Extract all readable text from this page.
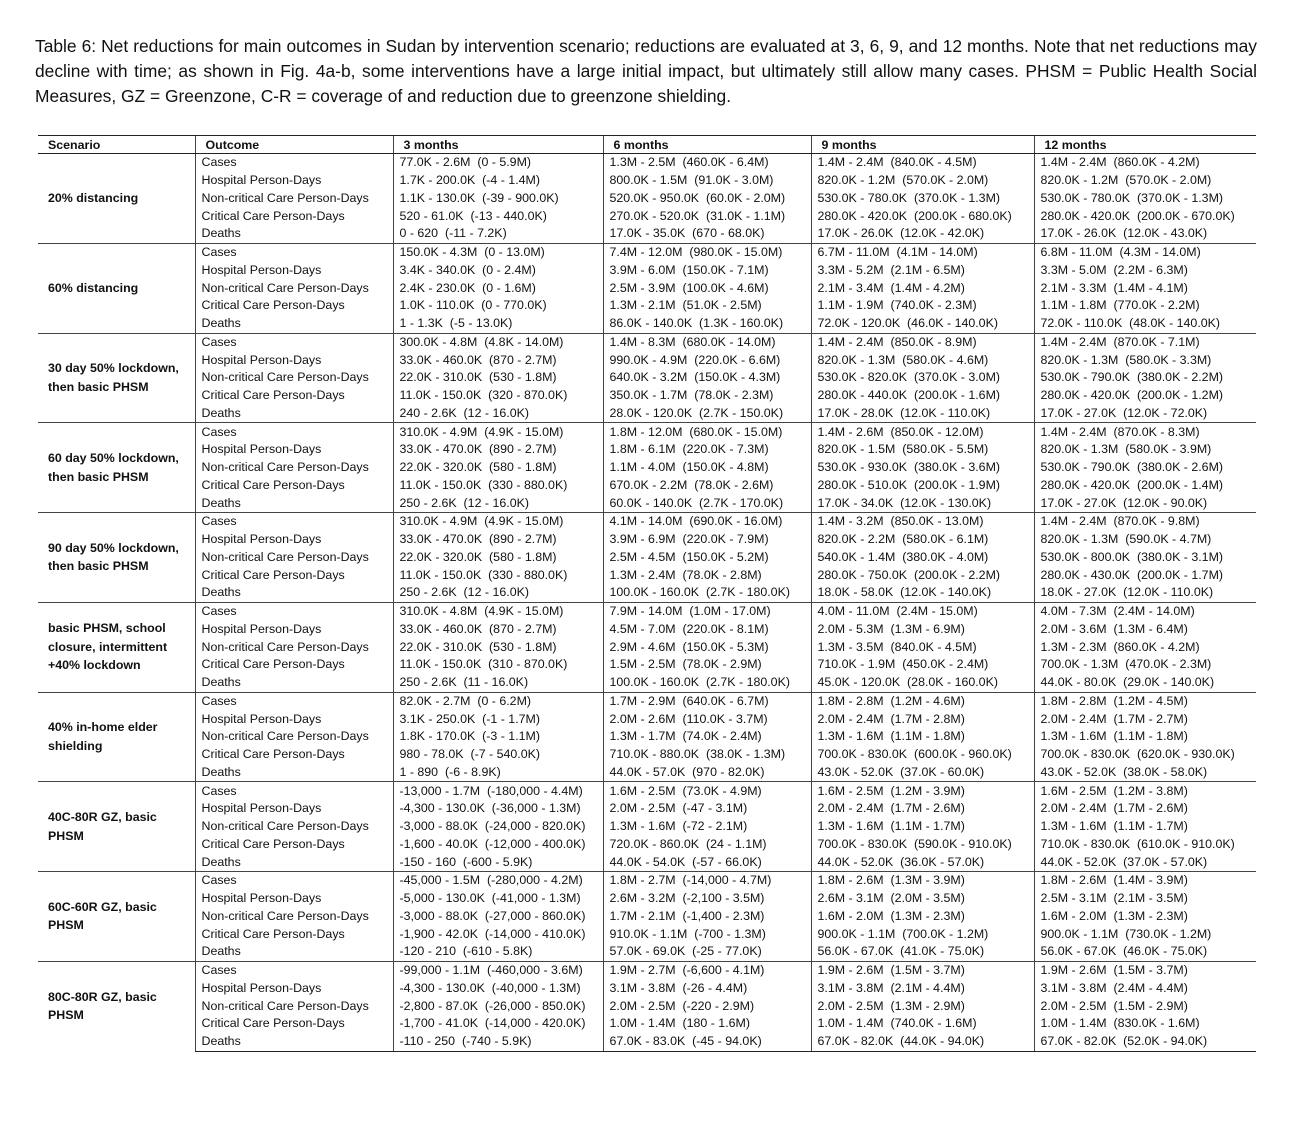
Table 6: Net reductions for main outcomes in Sudan by intervention scenario; reductions are evaluated at 3, 6, 9, and 12 months. Note that net reductions may decline with time; as shown in Fig. 4a-b, some interventions have a large initial impact, but ultimately still allow many cases. PHSM = Public Health Social Measures, GZ = Greenzone, C-R = coverage of and reduction due to greenzone shielding.
Scenario	Outcome	3 months	6 months	9 months	12 months
20% distancing	Cases	77.0K - 2.6M  (0 - 5.9M)	1.3M - 2.5M  (460.0K - 6.4M)	1.4M - 2.4M  (840.0K - 4.5M)	1.4M - 2.4M  (860.0K - 4.2M)
	Hospital Person-Days	1.7K - 200.0K  (-4 - 1.4M)	800.0K - 1.5M  (91.0K - 3.0M)	820.0K - 1.2M  (570.0K - 2.0M)	820.0K - 1.2M  (570.0K - 2.0M)
	Non-critical Care Person-Days	1.1K - 130.0K  (-39 - 900.0K)	520.0K - 950.0K  (60.0K - 2.0M)	530.0K - 780.0K  (370.0K - 1.3M)	530.0K - 780.0K  (370.0K - 1.3M)
	Critical Care Person-Days	520 - 61.0K  (-13 - 440.0K)	270.0K - 520.0K  (31.0K - 1.1M)	280.0K - 420.0K  (200.0K - 680.0K)	280.0K - 420.0K  (200.0K - 670.0K)
	Deaths	0 - 620  (-11 - 7.2K)	17.0K - 35.0K  (670 - 68.0K)	17.0K - 26.0K  (12.0K - 42.0K)	17.0K - 26.0K  (12.0K - 43.0K)
60% distancing	Cases	150.0K - 4.3M  (0 - 13.0M)	7.4M - 12.0M  (980.0K - 15.0M)	6.7M - 11.0M  (4.1M - 14.0M)	6.8M - 11.0M  (4.3M - 14.0M)
	Hospital Person-Days	3.4K - 340.0K  (0 - 2.4M)	3.9M - 6.0M  (150.0K - 7.1M)	3.3M - 5.2M  (2.1M - 6.5M)	3.3M - 5.0M  (2.2M - 6.3M)
	Non-critical Care Person-Days	2.4K - 230.0K  (0 - 1.6M)	2.5M - 3.9M  (100.0K - 4.6M)	2.1M - 3.4M  (1.4M - 4.2M)	2.1M - 3.3M  (1.4M - 4.1M)
	Critical Care Person-Days	1.0K - 110.0K  (0 - 770.0K)	1.3M - 2.1M  (51.0K - 2.5M)	1.1M - 1.9M  (740.0K - 2.3M)	1.1M - 1.8M  (770.0K - 2.2M)
	Deaths	1 - 1.3K  (-5 - 13.0K)	86.0K - 140.0K  (1.3K - 160.0K)	72.0K - 120.0K  (46.0K - 140.0K)	72.0K - 110.0K  (48.0K - 140.0K)
30 day 50% lockdown, then basic PHSM	Cases	300.0K - 4.8M  (4.8K - 14.0M)	1.4M - 8.3M  (680.0K - 14.0M)	1.4M - 2.4M  (850.0K - 8.9M)	1.4M - 2.4M  (870.0K - 7.1M)
	Hospital Person-Days	33.0K - 460.0K  (870 - 2.7M)	990.0K - 4.9M  (220.0K - 6.6M)	820.0K - 1.3M  (580.0K - 4.6M)	820.0K - 1.3M  (580.0K - 3.3M)
	Non-critical Care Person-Days	22.0K - 310.0K  (530 - 1.8M)	640.0K - 3.2M  (150.0K - 4.3M)	530.0K - 820.0K  (370.0K - 3.0M)	530.0K - 790.0K  (380.0K - 2.2M)
	Critical Care Person-Days	11.0K - 150.0K  (320 - 870.0K)	350.0K - 1.7M  (78.0K - 2.3M)	280.0K - 440.0K  (200.0K - 1.6M)	280.0K - 420.0K  (200.0K - 1.2M)
	Deaths	240 - 2.6K  (12 - 16.0K)	28.0K - 120.0K  (2.7K - 150.0K)	17.0K - 28.0K  (12.0K - 110.0K)	17.0K - 27.0K  (12.0K - 72.0K)
60 day 50% lockdown, then basic PHSM	Cases	310.0K - 4.9M  (4.9K - 15.0M)	1.8M - 12.0M  (680.0K - 15.0M)	1.4M - 2.6M  (850.0K - 12.0M)	1.4M - 2.4M  (870.0K - 8.3M)
	Hospital Person-Days	33.0K - 470.0K  (890 - 2.7M)	1.8M - 6.1M  (220.0K - 7.3M)	820.0K - 1.5M  (580.0K - 5.5M)	820.0K - 1.3M  (580.0K - 3.9M)
	Non-critical Care Person-Days	22.0K - 320.0K  (580 - 1.8M)	1.1M - 4.0M  (150.0K - 4.8M)	530.0K - 930.0K  (380.0K - 3.6M)	530.0K - 790.0K  (380.0K - 2.6M)
	Critical Care Person-Days	11.0K - 150.0K  (330 - 880.0K)	670.0K - 2.2M  (78.0K - 2.6M)	280.0K - 510.0K  (200.0K - 1.9M)	280.0K - 420.0K  (200.0K - 1.4M)
	Deaths	250 - 2.6K  (12 - 16.0K)	60.0K - 140.0K  (2.7K - 170.0K)	17.0K - 34.0K  (12.0K - 130.0K)	17.0K - 27.0K  (12.0K - 90.0K)
90 day 50% lockdown, then basic PHSM	Cases	310.0K - 4.9M  (4.9K - 15.0M)	4.1M - 14.0M  (690.0K - 16.0M)	1.4M - 3.2M  (850.0K - 13.0M)	1.4M - 2.4M  (870.0K - 9.8M)
	Hospital Person-Days	33.0K - 470.0K  (890 - 2.7M)	3.9M - 6.9M  (220.0K - 7.9M)	820.0K - 2.2M  (580.0K - 6.1M)	820.0K - 1.3M  (590.0K - 4.7M)
	Non-critical Care Person-Days	22.0K - 320.0K  (580 - 1.8M)	2.5M - 4.5M  (150.0K - 5.2M)	540.0K - 1.4M  (380.0K - 4.0M)	530.0K - 800.0K  (380.0K - 3.1M)
	Critical Care Person-Days	11.0K - 150.0K  (330 - 880.0K)	1.3M - 2.4M  (78.0K - 2.8M)	280.0K - 750.0K  (200.0K - 2.2M)	280.0K - 430.0K  (200.0K - 1.7M)
	Deaths	250 - 2.6K  (12 - 16.0K)	100.0K - 160.0K  (2.7K - 180.0K)	18.0K - 58.0K  (12.0K - 140.0K)	18.0K - 27.0K  (12.0K - 110.0K)
basic PHSM, school closure, intermittent +40% lockdown	Cases	310.0K - 4.8M  (4.9K - 15.0M)	7.9M - 14.0M  (1.0M - 17.0M)	4.0M - 11.0M  (2.4M - 15.0M)	4.0M - 7.3M  (2.4M - 14.0M)
	Hospital Person-Days	33.0K - 460.0K  (870 - 2.7M)	4.5M - 7.0M  (220.0K - 8.1M)	2.0M - 5.3M  (1.3M - 6.9M)	2.0M - 3.6M  (1.3M - 6.4M)
	Non-critical Care Person-Days	22.0K - 310.0K  (530 - 1.8M)	2.9M - 4.6M  (150.0K - 5.3M)	1.3M - 3.5M  (840.0K - 4.5M)	1.3M - 2.3M  (860.0K - 4.2M)
	Critical Care Person-Days	11.0K - 150.0K  (310 - 870.0K)	1.5M - 2.5M  (78.0K - 2.9M)	710.0K - 1.9M  (450.0K - 2.4M)	700.0K - 1.3M  (470.0K - 2.3M)
	Deaths	250 - 2.6K  (11 - 16.0K)	100.0K - 160.0K  (2.7K - 180.0K)	45.0K - 120.0K  (28.0K - 160.0K)	44.0K - 80.0K  (29.0K - 140.0K)
40% in-home elder shielding	Cases	82.0K - 2.7M  (0 - 6.2M)	1.7M - 2.9M  (640.0K - 6.7M)	1.8M - 2.8M  (1.2M - 4.6M)	1.8M - 2.8M  (1.2M - 4.5M)
	Hospital Person-Days	3.1K - 250.0K  (-1 - 1.7M)	2.0M - 2.6M  (110.0K - 3.7M)	2.0M - 2.4M  (1.7M - 2.8M)	2.0M - 2.4M  (1.7M - 2.7M)
	Non-critical Care Person-Days	1.8K - 170.0K  (-3 - 1.1M)	1.3M - 1.7M  (74.0K - 2.4M)	1.3M - 1.6M  (1.1M - 1.8M)	1.3M - 1.6M  (1.1M - 1.8M)
	Critical Care Person-Days	980 - 78.0K  (-7 - 540.0K)	710.0K - 880.0K  (38.0K - 1.3M)	700.0K - 830.0K  (600.0K - 960.0K)	700.0K - 830.0K  (620.0K - 930.0K)
	Deaths	1 - 890  (-6 - 8.9K)	44.0K - 57.0K  (970 - 82.0K)	43.0K - 52.0K  (37.0K - 60.0K)	43.0K - 52.0K  (38.0K - 58.0K)
40C-80R GZ, basic PHSM	Cases	-13,000 - 1.7M  (-180,000 - 4.4M)	1.6M - 2.5M  (73.0K - 4.9M)	1.6M - 2.5M  (1.2M - 3.9M)	1.6M - 2.5M  (1.2M - 3.8M)
	Hospital Person-Days	-4,300 - 130.0K  (-36,000 - 1.3M)	2.0M - 2.5M  (-47 - 3.1M)	2.0M - 2.4M  (1.7M - 2.6M)	2.0M - 2.4M  (1.7M - 2.6M)
	Non-critical Care Person-Days	-3,000 - 88.0K  (-24,000 - 820.0K)	1.3M - 1.6M  (-72 - 2.1M)	1.3M - 1.6M  (1.1M - 1.7M)	1.3M - 1.6M  (1.1M - 1.7M)
	Critical Care Person-Days	-1,600 - 40.0K  (-12,000 - 400.0K)	720.0K - 860.0K  (24 - 1.1M)	700.0K - 830.0K  (590.0K - 910.0K)	710.0K - 830.0K  (610.0K - 910.0K)
	Deaths	-150 - 160  (-600 - 5.9K)	44.0K - 54.0K  (-57 - 66.0K)	44.0K - 52.0K  (36.0K - 57.0K)	44.0K - 52.0K  (37.0K - 57.0K)
60C-60R GZ, basic PHSM	Cases	-45,000 - 1.5M  (-280,000 - 4.2M)	1.8M - 2.7M  (-14,000 - 4.7M)	1.8M - 2.6M  (1.3M - 3.9M)	1.8M - 2.6M  (1.4M - 3.9M)
	Hospital Person-Days	-5,000 - 130.0K  (-41,000 - 1.3M)	2.6M - 3.2M  (-2,100 - 3.5M)	2.6M - 3.1M  (2.0M - 3.5M)	2.5M - 3.1M  (2.1M - 3.5M)
	Non-critical Care Person-Days	-3,000 - 88.0K  (-27,000 - 860.0K)	1.7M - 2.1M  (-1,400 - 2.3M)	1.6M - 2.0M  (1.3M - 2.3M)	1.6M - 2.0M  (1.3M - 2.3M)
	Critical Care Person-Days	-1,900 - 42.0K  (-14,000 - 410.0K)	910.0K - 1.1M  (-700 - 1.3M)	900.0K - 1.1M  (700.0K - 1.2M)	900.0K - 1.1M  (730.0K - 1.2M)
	Deaths	-120 - 210  (-610 - 5.8K)	57.0K - 69.0K  (-25 - 77.0K)	56.0K - 67.0K  (41.0K - 75.0K)	56.0K - 67.0K  (46.0K - 75.0K)
80C-80R GZ, basic PHSM	Cases	-99,000 - 1.1M  (-460,000 - 3.6M)	1.9M - 2.7M  (-6,600 - 4.1M)	1.9M - 2.6M  (1.5M - 3.7M)	1.9M - 2.6M  (1.5M - 3.7M)
	Hospital Person-Days	-4,300 - 130.0K  (-40,000 - 1.3M)	3.1M - 3.8M  (-26 - 4.4M)	3.1M - 3.8M  (2.1M - 4.4M)	3.1M - 3.8M  (2.4M - 4.4M)
	Non-critical Care Person-Days	-2,800 - 87.0K  (-26,000 - 850.0K)	2.0M - 2.5M  (-220 - 2.9M)	2.0M - 2.5M  (1.3M - 2.9M)	2.0M - 2.5M  (1.5M - 2.9M)
	Critical Care Person-Days	-1,700 - 41.0K  (-14,000 - 420.0K)	1.0M - 1.4M  (180 - 1.6M)	1.0M - 1.4M  (740.0K - 1.6M)	1.0M - 1.4M  (830.0K - 1.6M)
	Deaths	-110 - 250  (-740 - 5.9K)	67.0K - 83.0K  (-45 - 94.0K)	67.0K - 82.0K  (44.0K - 94.0K)	67.0K - 82.0K  (52.0K - 94.0K)
